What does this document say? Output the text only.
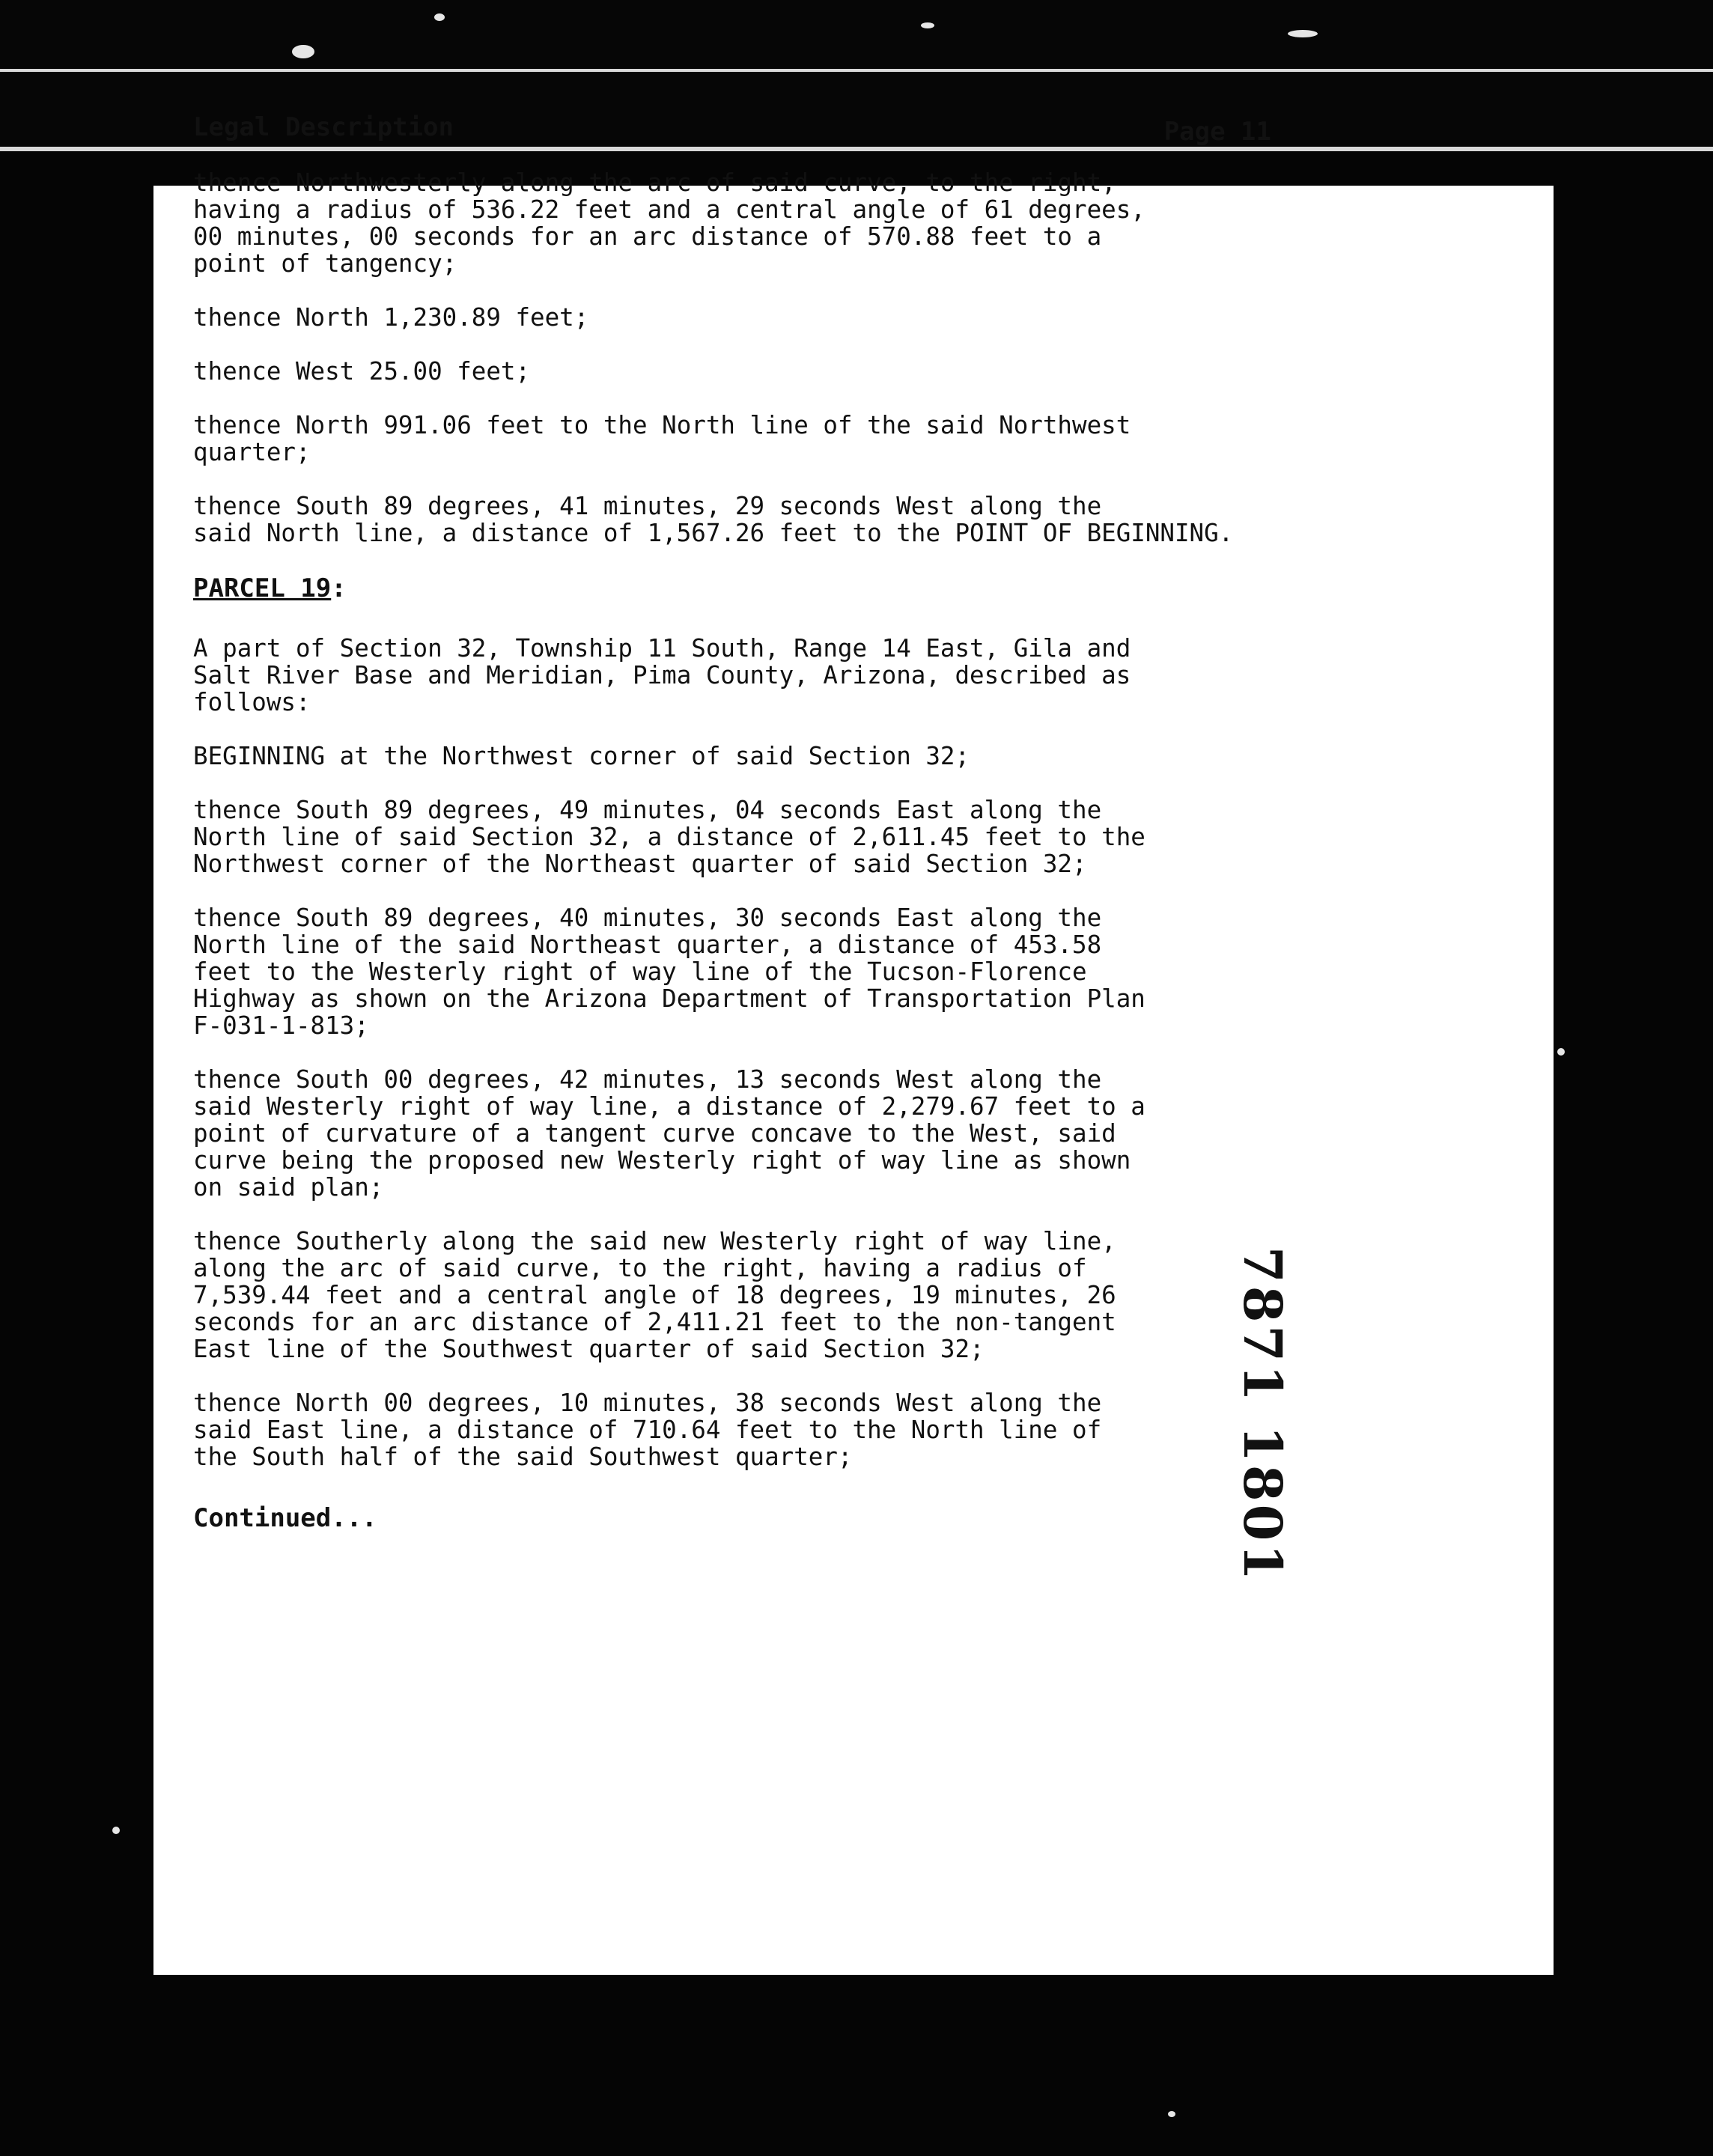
Legal Description	Page 11
thence Northwesterly along the arc of said curve, to the right,
having a radius of 536.22 feet and a central angle of 61 degrees,
00 minutes, 00 seconds for an arc distance of 570.88 feet to a
point of tangency;
thence North 1,230.89 feet;
thence West 25.00 feet;
thence North 991.06 feet to the North line of the said Northwest
quarter;
thence South 89 degrees, 41 minutes, 29 seconds West along the
said North line, a distance of 1,567.26 feet to the POINT OF BEGINNING.
PARCEL 19:
A part of Section 32, Township 11 South, Range 14 East, Gila and
Salt River Base and Meridian, Pima County, Arizona, described as
follows:
BEGINNING at the Northwest corner of said Section 32;
thence South 89 degrees, 49 minutes, 04 seconds East along the
North line of said Section 32, a distance of 2,611.45 feet to the
Northwest corner of the Northeast quarter of said Section 32;
thence South 89 degrees, 40 minutes, 30 seconds East along the
North line of the said Northeast quarter, a distance of 453.58
feet to the Westerly right of way line of the Tucson-Florence
Highway as shown on the Arizona Department of Transportation Plan
F-031-1-813;
thence South 00 degrees, 42 minutes, 13 seconds West along the
said Westerly right of way line, a distance of 2,279.67 feet to a
point of curvature of a tangent curve concave to the West, said
curve being the proposed new Westerly right of way line as shown
on said plan;
thence Southerly along the said new Westerly right of way line,
along the arc of said curve, to the right, having a radius of
7,539.44 feet and a central angle of 18 degrees, 19 minutes, 26
seconds for an arc distance of 2,411.21 feet to the non-tangent
East line of the Southwest quarter of said Section 32;
thence North 00 degrees, 10 minutes, 38 seconds West along the
said East line, a distance of 710.64 feet to the North line of
the South half of the said Southwest quarter;
Continued...	7871 1801
